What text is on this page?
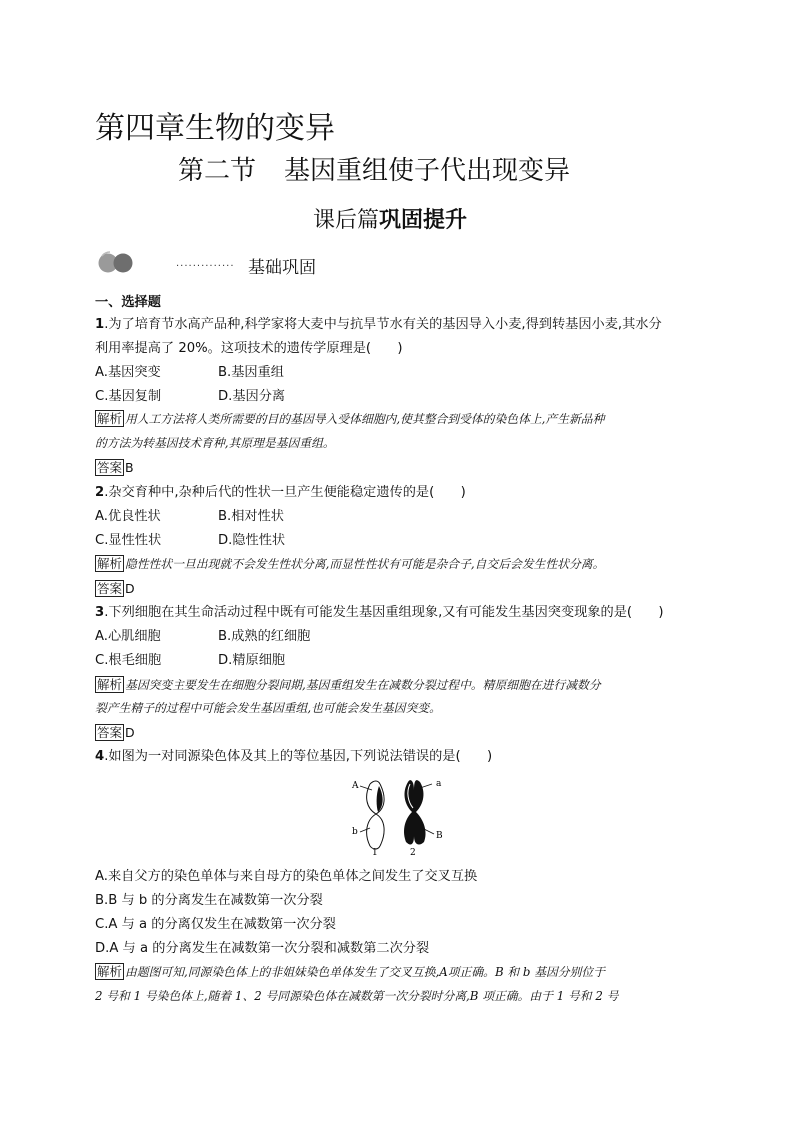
第四章生物的变异
第二节 基因重组使子代出现变异
课后篇巩固提升
·············· 基础巩固
一、选择题
1.为了培育节水高产品种,科学家将大麦中与抗旱节水有关的基因导入小麦,得到转基因小麦,其水分
利用率提高了 20%。这项技术的遗传学原理是(　　)
A.基因突变	B.基因重组
C.基因复制	D.基因分离
解析 用人工方法将人类所需要的目的基因导入受体细胞内,使其整合到受体的染色体上,产生新品种
的方法为转基因技术育种,其原理是基因重组。
答案 B
2.杂交育种中,杂种后代的性状一旦产生便能稳定遗传的是(　　)
A.优良性状	B.相对性状
C.显性性状	D.隐性性状
解析 隐性性状一旦出现就不会发生性状分离,而显性性状有可能是杂合子,自交后会发生性状分离。
答案 D
3.下列细胞在其生命活动过程中既有可能发生基因重组现象,又有可能发生基因突变现象的是(　　)
A.心肌细胞	B.成熟的红细胞
C.根毛细胞	D.精原细胞
解析 基因突变主要发生在细胞分裂间期,基因重组发生在减数分裂过程中。精原细胞在进行减数分
裂产生精子的过程中可能会发生基因重组,也可能会发生基因突变。
答案 D
4.如图为一对同源染色体及其上的等位基因,下列说法错误的是(　　)
A
b
a
B
1	2
A.来自父方的染色单体与来自母方的染色单体之间发生了交叉互换
B.B 与 b 的分离发生在减数第一次分裂
C.A 与 a 的分离仅发生在减数第一次分裂
D.A 与 a 的分离发生在减数第一次分裂和减数第二次分裂
解析 由题图可知,同源染色体上的非姐妹染色单体发生了交叉互换,A项正确。B 和 b 基因分别位于
2 号和 1 号染色体上,随着 1、2 号同源染色体在减数第一次分裂时分离,B 项正确。由于 1 号和 2 号
